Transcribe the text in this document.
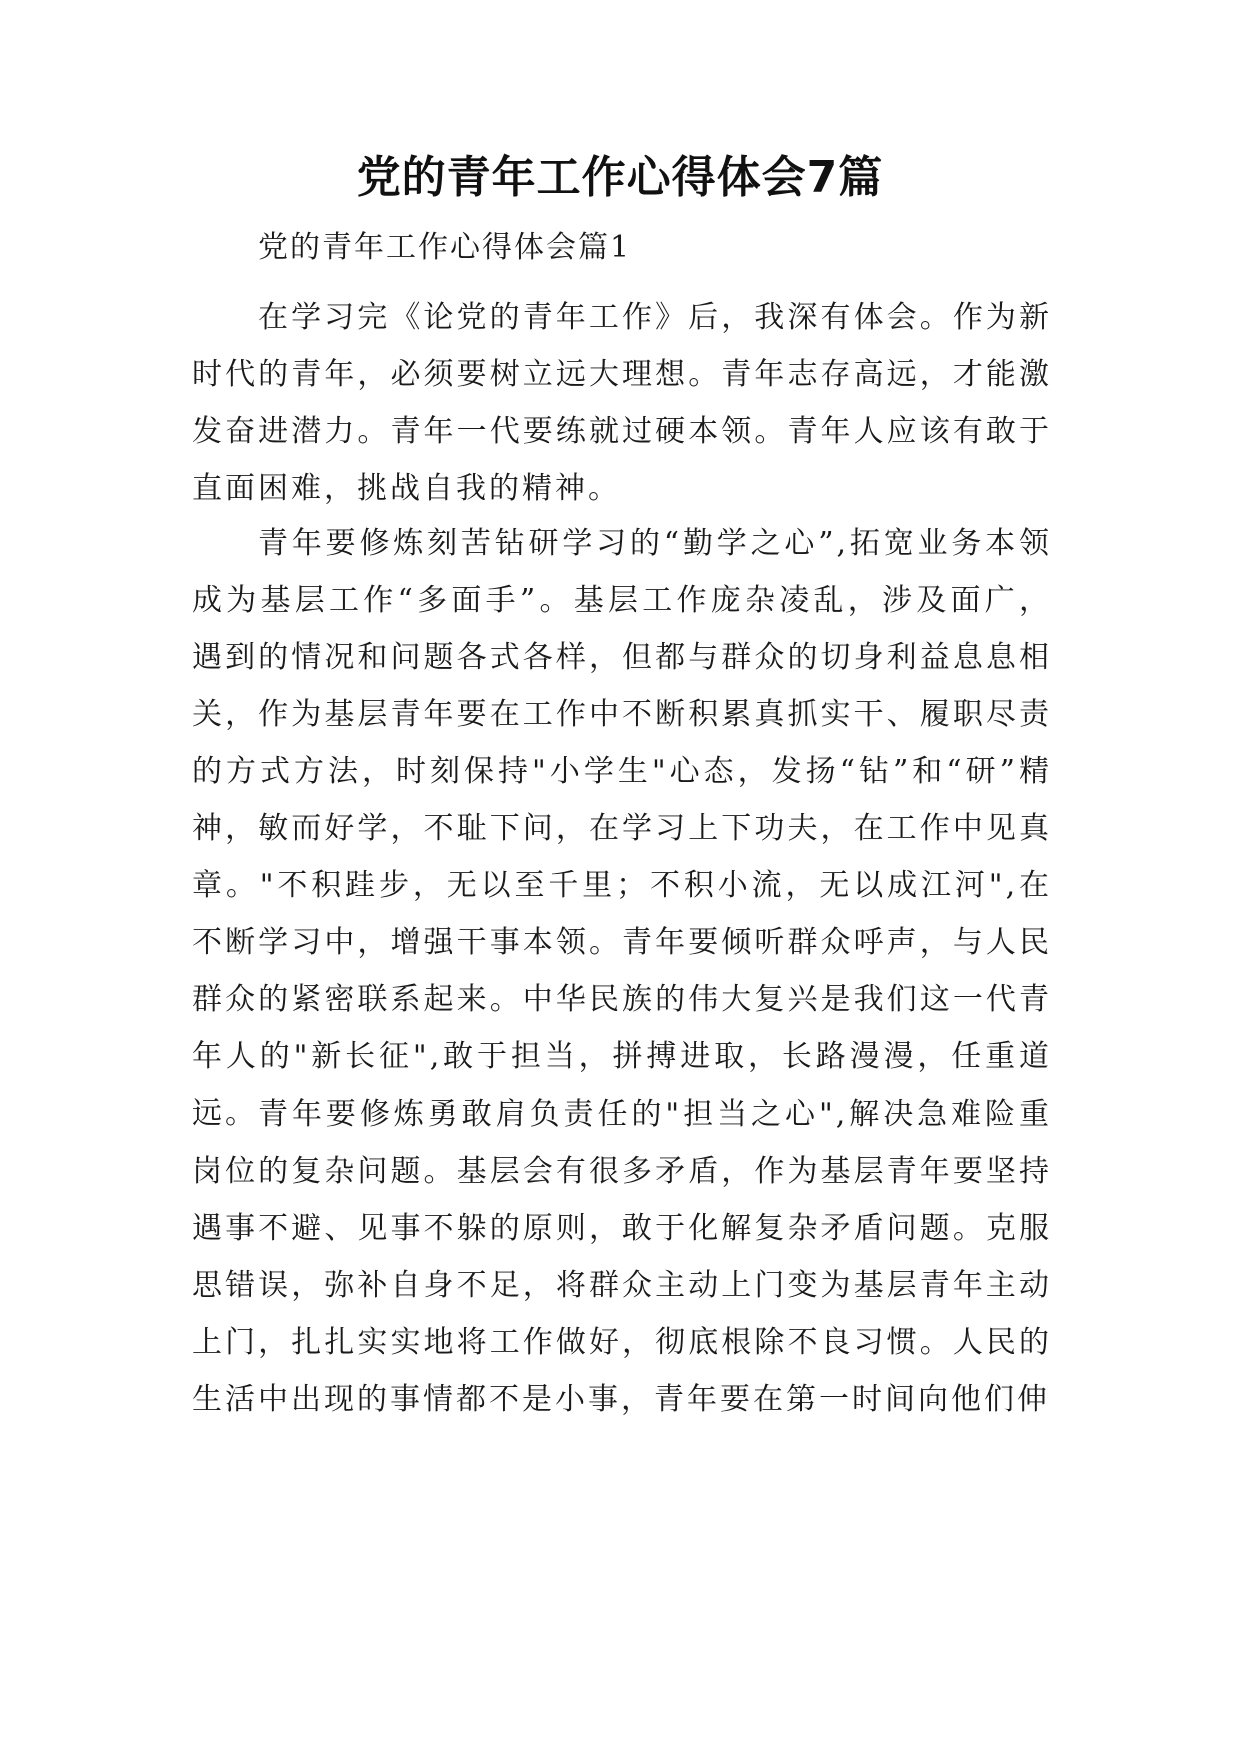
党的青年工作心得体会7篇
党的青年工作心得体会篇1

在学习完《论党的青年工作》后，我深有体会。作为新时代的青年，必须要树立远大理想。青年志存高远，才能激发奋进潜力。青年一代要练就过硬本领。青年人应该有敢于直面困难，挑战自我的精神。

青年要修炼刻苦钻研学习的“勤学之心”,拓宽业务本领成为基层工作“多面手”。基层工作庞杂凌乱，涉及面广，遇到的情况和问题各式各样，但都与群众的切身利益息息相关，作为基层青年要在工作中不断积累真抓实干、履职尽责的方式方法，时刻保持"小学生"心态，发扬“钻”和“研”精神，敏而好学，不耻下问，在学习上下功夫，在工作中见真章。"不积跬步，无以至千里；不积小流，无以成江河",在不断学习中，增强干事本领。青年要倾听群众呼声，与人民群众的紧密联系起来。中华民族的伟大复兴是我们这一代青年人的"新长征",敢于担当，拼搏进取，长路漫漫，任重道远。 青年要修炼勇敢肩负责任的"担当之心",解决急难险重岗位的复杂问题。基层会有很多矛盾，作为基层青年要坚持遇事不避、见事不躲的原则，敢于化解复杂矛盾问题。克服思错误，弥补自身不足，将群众主动上门变为基层青年主动上门，扎扎实实地将工作做好，彻底根除不良习惯。人民的生活中出现的事情都不是小事，青年要在第一时间向他们伸
